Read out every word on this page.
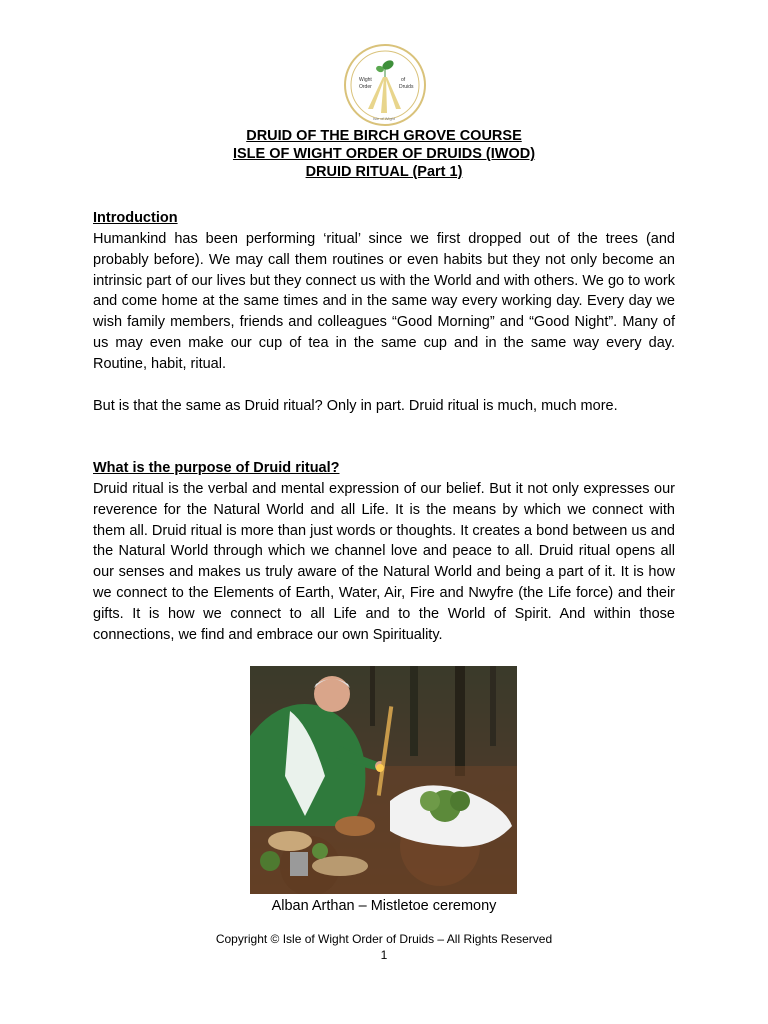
Wight
Order
of
Druids
Isle of Wight
DRUID OF THE BIRCH GROVE COURSE
ISLE OF WIGHT ORDER OF DRUIDS (IWOD)
DRUID RITUAL (Part 1)
Introduction
Humankind has been performing ‘ritual’ since we first dropped out of the trees (and probably before). We may call them routines or even habits but they not only become an intrinsic part of our lives but they connect us with the World and with others. We go to work and come home at the same times and in the same way every working day. Every day we wish family members, friends and colleagues “Good Morning” and “Good Night”. Many of us may even make our cup of tea in the same cup and in the same way every day. Routine, habit, ritual.
But is that the same as Druid ritual? Only in part. Druid ritual is much, much more.
What is the purpose of Druid ritual?
Druid ritual is the verbal and mental expression of our belief. But it not only expresses our reverence for the Natural World and all Life. It is the means by which we connect with them all. Druid ritual is more than just words or thoughts. It creates a bond between us and the Natural World through which we channel love and peace to all. Druid ritual opens all our senses and makes us truly aware of the Natural World and being a part of it. It is how we connect to the Elements of Earth, Water, Air, Fire and Nwyfre (the Life force) and their gifts. It is how we connect to all Life and to the World of Spirit. And within those connections, we find and embrace our own Spirituality.
Alban Arthan – Mistletoe ceremony
Copyright © Isle of Wight Order of Druids – All Rights Reserved
1
